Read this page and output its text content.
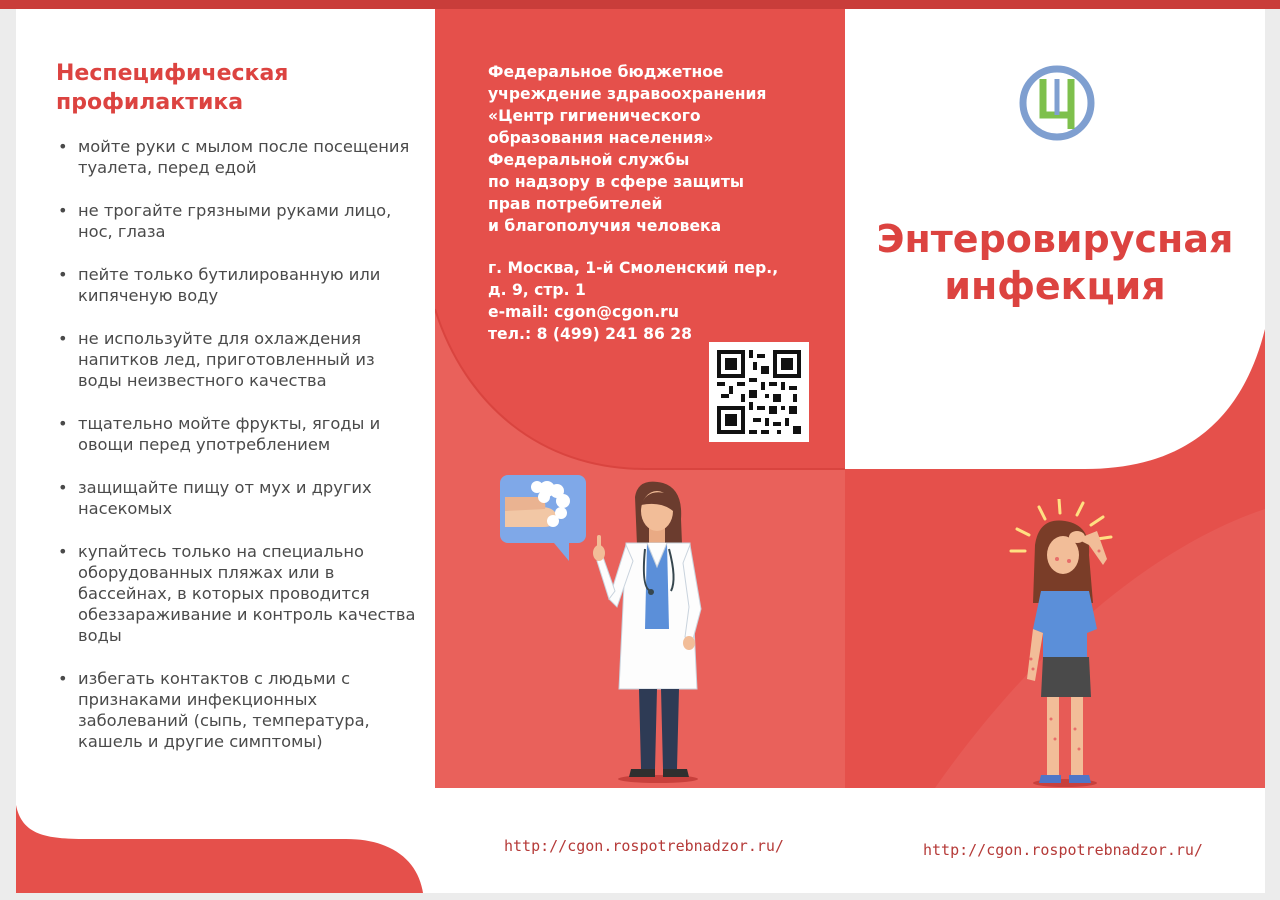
Неспецифическая профилактика
• мойте руки с мылом после посещения туалета, перед едой
• не трогайте грязными руками лицо, нос, глаза
• пейте только бутилированную или кипяченую воду
• не используйте для охлаждения напитков лед, приготовленный из воды неизвестного качества
• тщательно мойте фрукты, ягоды и овощи перед употреблением
• защищайте пищу от мух и других насекомых
• купайтесь только на специально оборудованных пляжах или в бассейнах, в которых проводится обеззараживание и контроль качества воды
• избегать контактов с людьми с признаками инфекционных заболеваний (сыпь, температура, кашель и другие симптомы)
Федеральное бюджетное
учреждение здравоохранения
«Центр гигиенического
образования населения»
Федеральной службы
по надзору в сфере защиты
прав потребителей
и благополучия человека
г. Москва, 1-й Смоленский пер.,
д. 9, стр. 1
e-mail: cgon@cgon.ru
тел.: 8 (499) 241 86 28
Энтеровирусная
инфекция
http://cgon.rospotrebnadzor.ru/	http://cgon.rospotrebnadzor.ru/
